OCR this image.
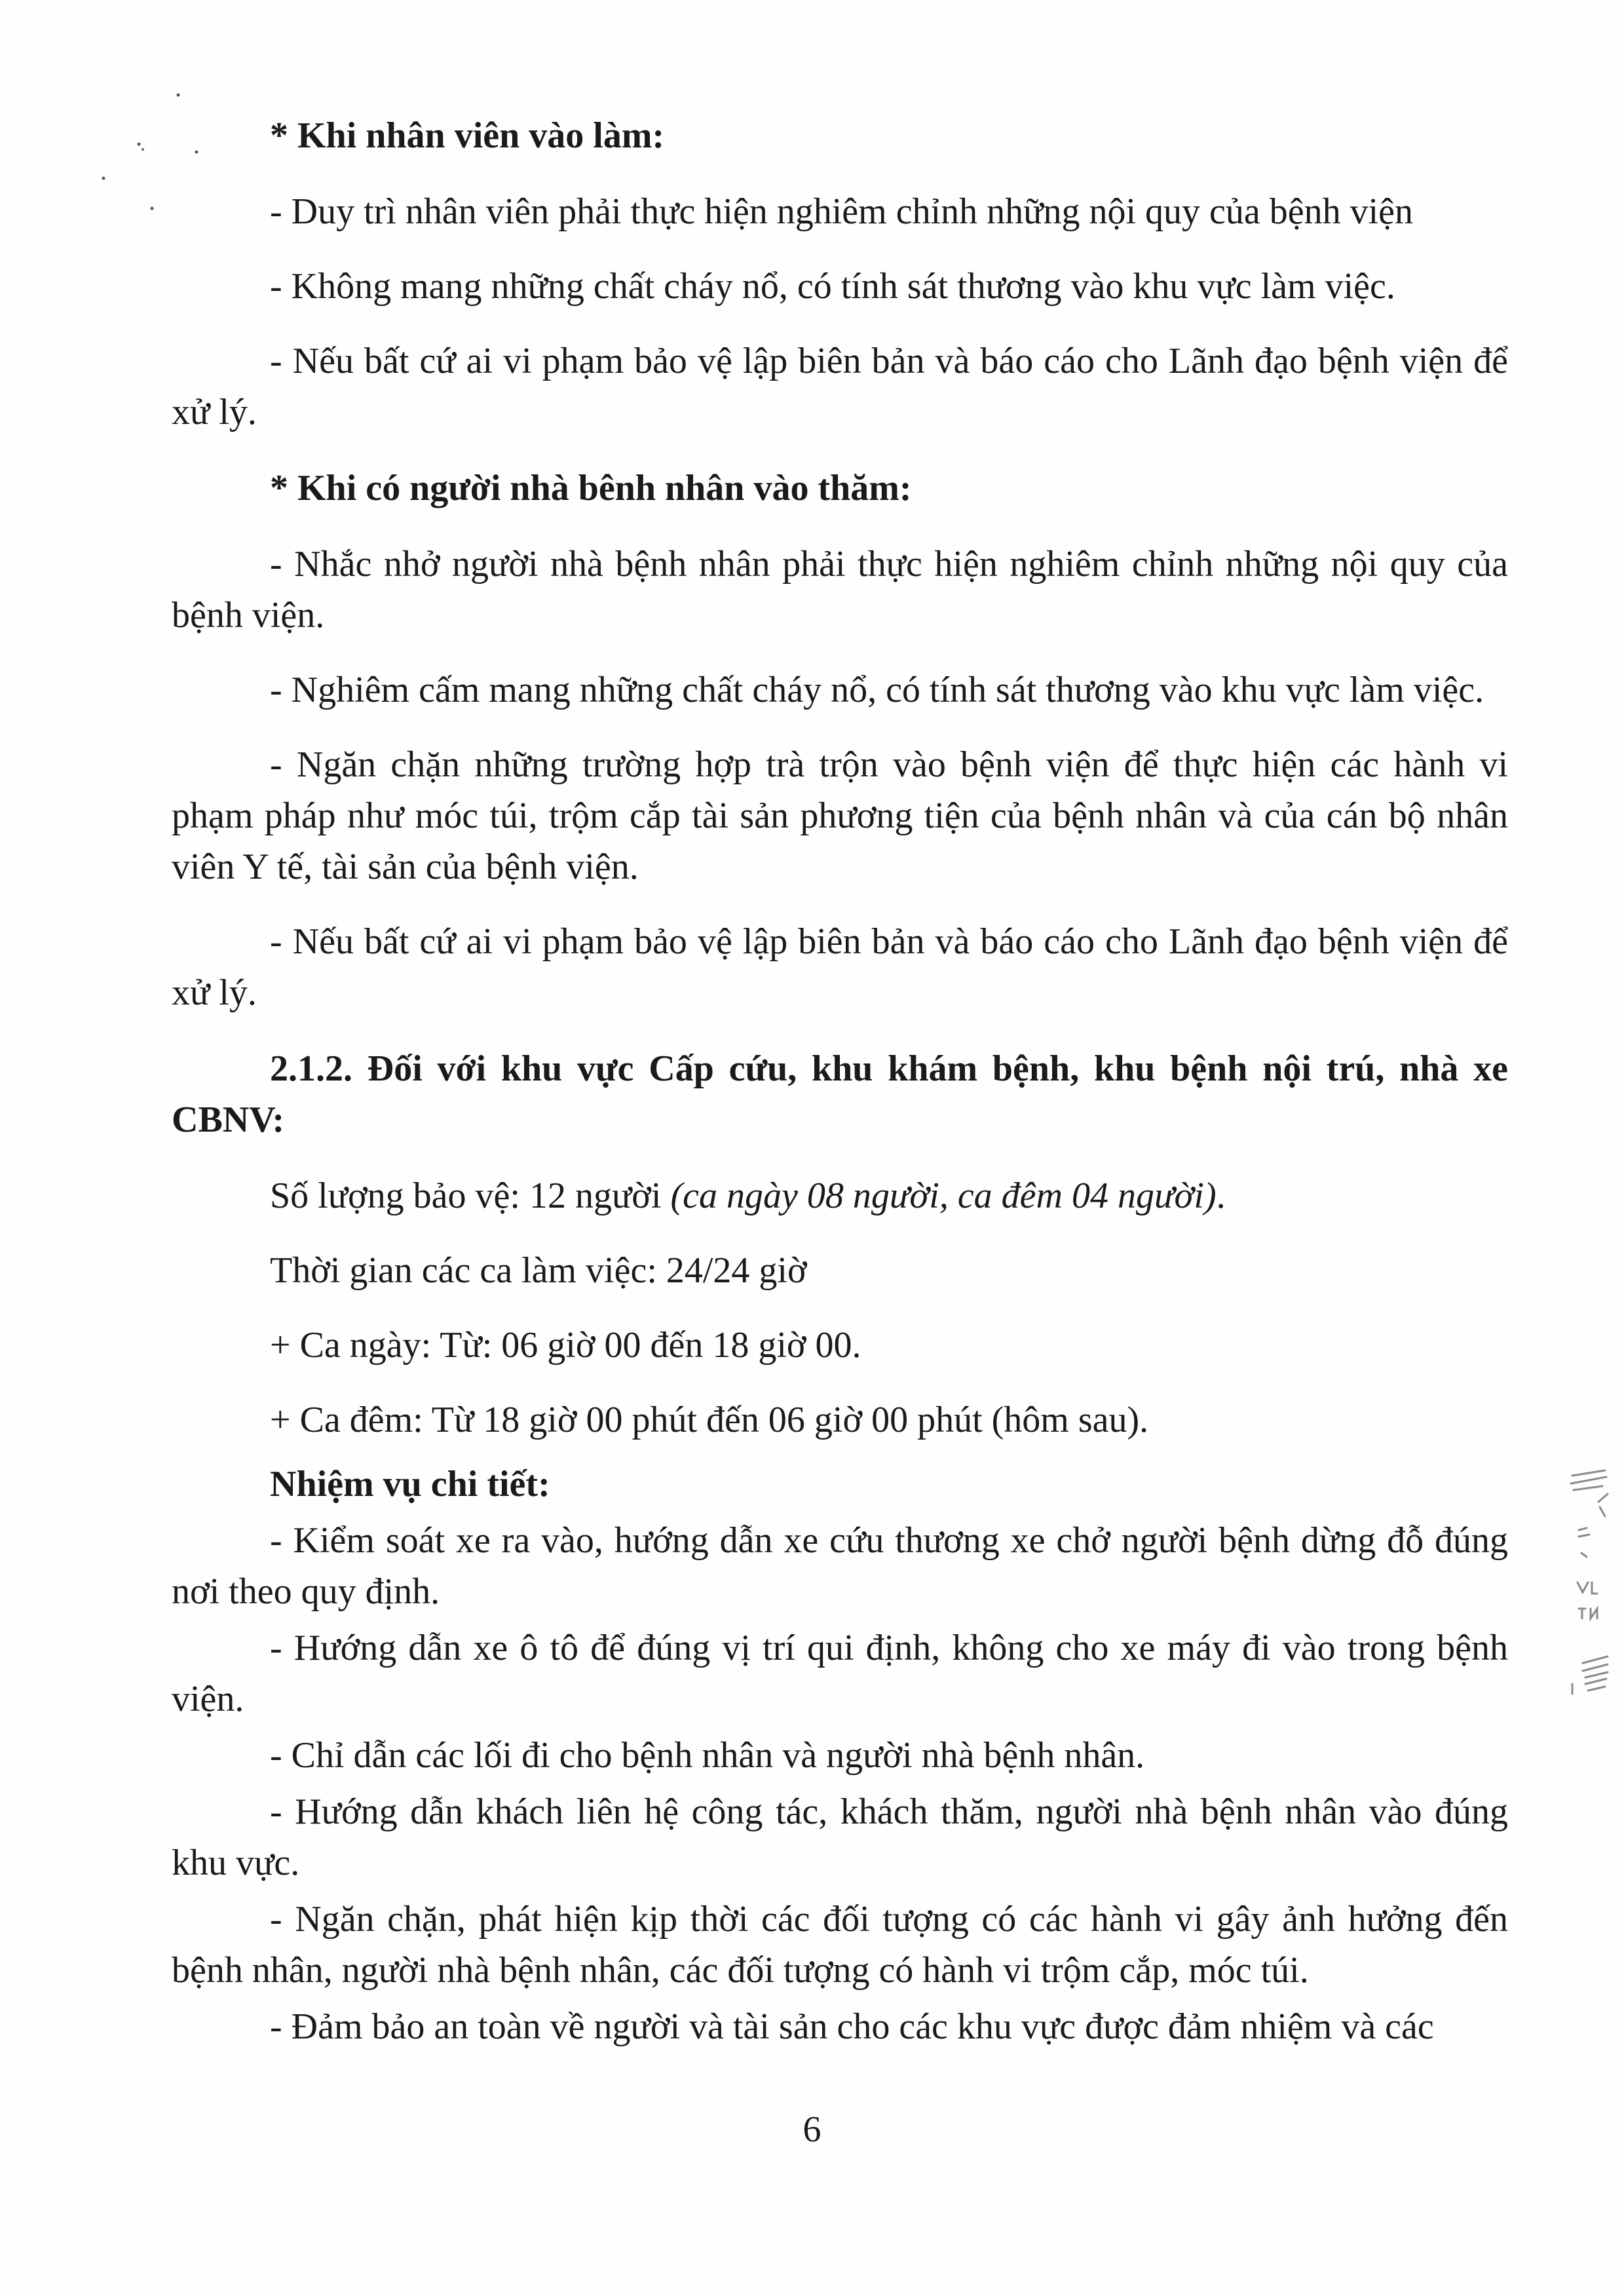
* Khi nhân viên vào làm:

- Duy trì nhân viên phải thực hiện nghiêm chỉnh những nội quy của bệnh viện

- Không mang những chất cháy nổ, có tính sát thương vào khu vực làm việc.

- Nếu bất cứ ai vi phạm bảo vệ lập biên bản và báo cáo cho Lãnh đạo bệnh viện để xử lý.

* Khi có người nhà bênh nhân vào thăm:

- Nhắc nhở người nhà bệnh nhân phải thực hiện nghiêm chỉnh những nội quy của bệnh viện.

- Nghiêm cấm mang những chất cháy nổ, có tính sát thương vào khu vực làm việc.

- Ngăn chặn những trường hợp trà trộn vào bệnh viện để thực hiện các hành vi phạm pháp như móc túi, trộm cắp tài sản phương tiện của bệnh nhân và của cán bộ nhân viên Y tế, tài sản của bệnh viện.

- Nếu bất cứ ai vi phạm bảo vệ lập biên bản và báo cáo cho Lãnh đạo bệnh viện để xử lý.

2.1.2. Đối với khu vực Cấp cứu, khu khám bệnh, khu bệnh nội trú, nhà xe CBNV:

Số lượng bảo vệ: 12 người (ca ngày 08 người, ca đêm 04 người).

Thời gian các ca làm việc: 24/24 giờ

+ Ca ngày: Từ: 06 giờ 00 đến 18 giờ 00.

+ Ca đêm: Từ 18 giờ 00 phút đến 06 giờ 00 phút (hôm sau).

Nhiệm vụ chi tiết:

- Kiểm soát xe ra vào, hướng dẫn xe cứu thương xe chở người bệnh dừng đỗ đúng nơi theo quy định.

- Hướng dẫn xe ô tô để đúng vị trí qui định, không cho xe máy đi vào trong bệnh viện.

- Chỉ dẫn các lối đi cho bệnh nhân và người nhà bệnh nhân.

- Hướng dẫn khách liên hệ công tác, khách thăm, người nhà bệnh nhân vào đúng khu vực.

- Ngăn chặn, phát hiện kịp thời các đối tượng có các hành vi gây ảnh hưởng đến bệnh nhân, người nhà bệnh nhân, các đối tượng có hành vi trộm cắp, móc túi.

- Đảm bảo an toàn về người và tài sản cho các khu vực được đảm nhiệm và các

6
